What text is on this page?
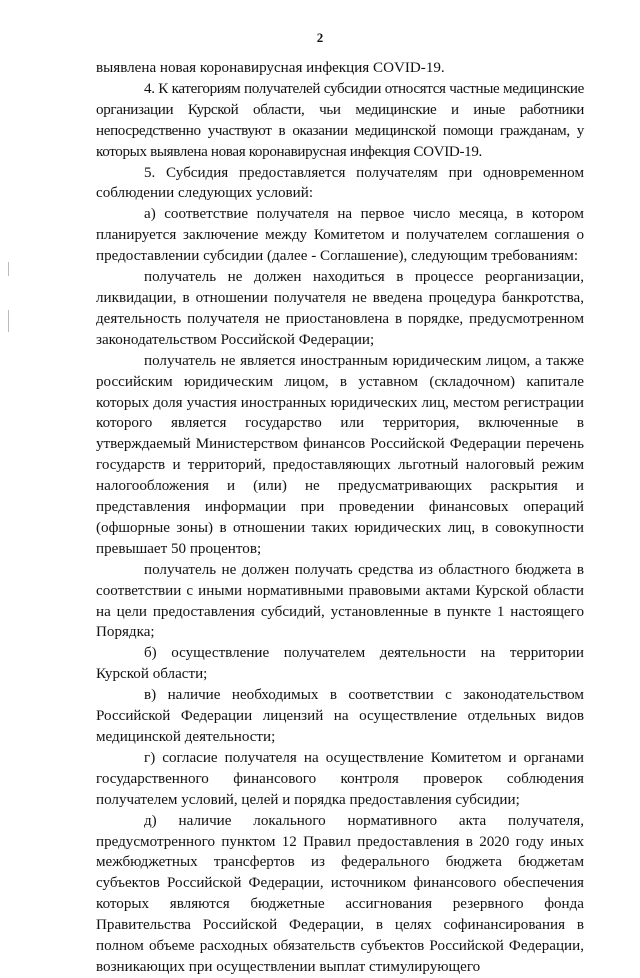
2

выявлена новая коронавирусная инфекция COVID-19.

4. К категориям получателей субсидии относятся частные медицинские организации Курской области, чьи медицинские и иные работники непосредственно участвуют в оказании медицинской помощи гражданам, у которых выявлена новая коронавирусная инфекция COVID-19.

5. Субсидия предоставляется получателям при одновременном соблюдении следующих условий:

а) соответствие получателя на первое число месяца, в котором планируется заключение между Комитетом и получателем соглашения о предоставлении субсидии (далее - Соглашение), следующим требованиям:

получатель не должен находиться в процессе реорганизации, ликвидации, в отношении получателя не введена процедура банкротства, деятельность получателя не приостановлена в порядке, предусмотренном законодательством Российской Федерации;

получатель не является иностранным юридическим лицом, а также российским юридическим лицом, в уставном (складочном) капитале которых доля участия иностранных юридических лиц, местом регистрации которого является государство или территория, включенные в утверждаемый Министерством финансов Российской Федерации перечень государств и территорий, предоставляющих льготный налоговый режим налогообложения и (или) не предусматривающих раскрытия и представления информации при проведении финансовых операций (офшорные зоны) в отношении таких юридических лиц, в совокупности превышает 50 процентов;

получатель не должен получать средства из областного бюджета в соответствии с иными нормативными правовыми актами Курской области на цели предоставления субсидий, установленные в пункте 1 настоящего Порядка;

б) осуществление получателем деятельности на территории Курской области;

в) наличие необходимых в соответствии с законодательством Российской Федерации лицензий на осуществление отдельных видов медицинской деятельности;

г) согласие получателя на осуществление Комитетом и органами государственного финансового контроля проверок соблюдения получателем условий, целей и порядка предоставления субсидии;

д) наличие локального нормативного акта получателя, предусмотренного пунктом 12 Правил предоставления в 2020 году иных межбюджетных трансфертов из федерального бюджета бюджетам субъектов Российской Федерации, источником финансового обеспечения которых являются бюджетные ассигнования резервного фонда Правительства Российской Федерации, в целях софинансирования в полном объеме расходных обязательств субъектов Российской Федерации, возникающих при осуществлении выплат стимулирующего
